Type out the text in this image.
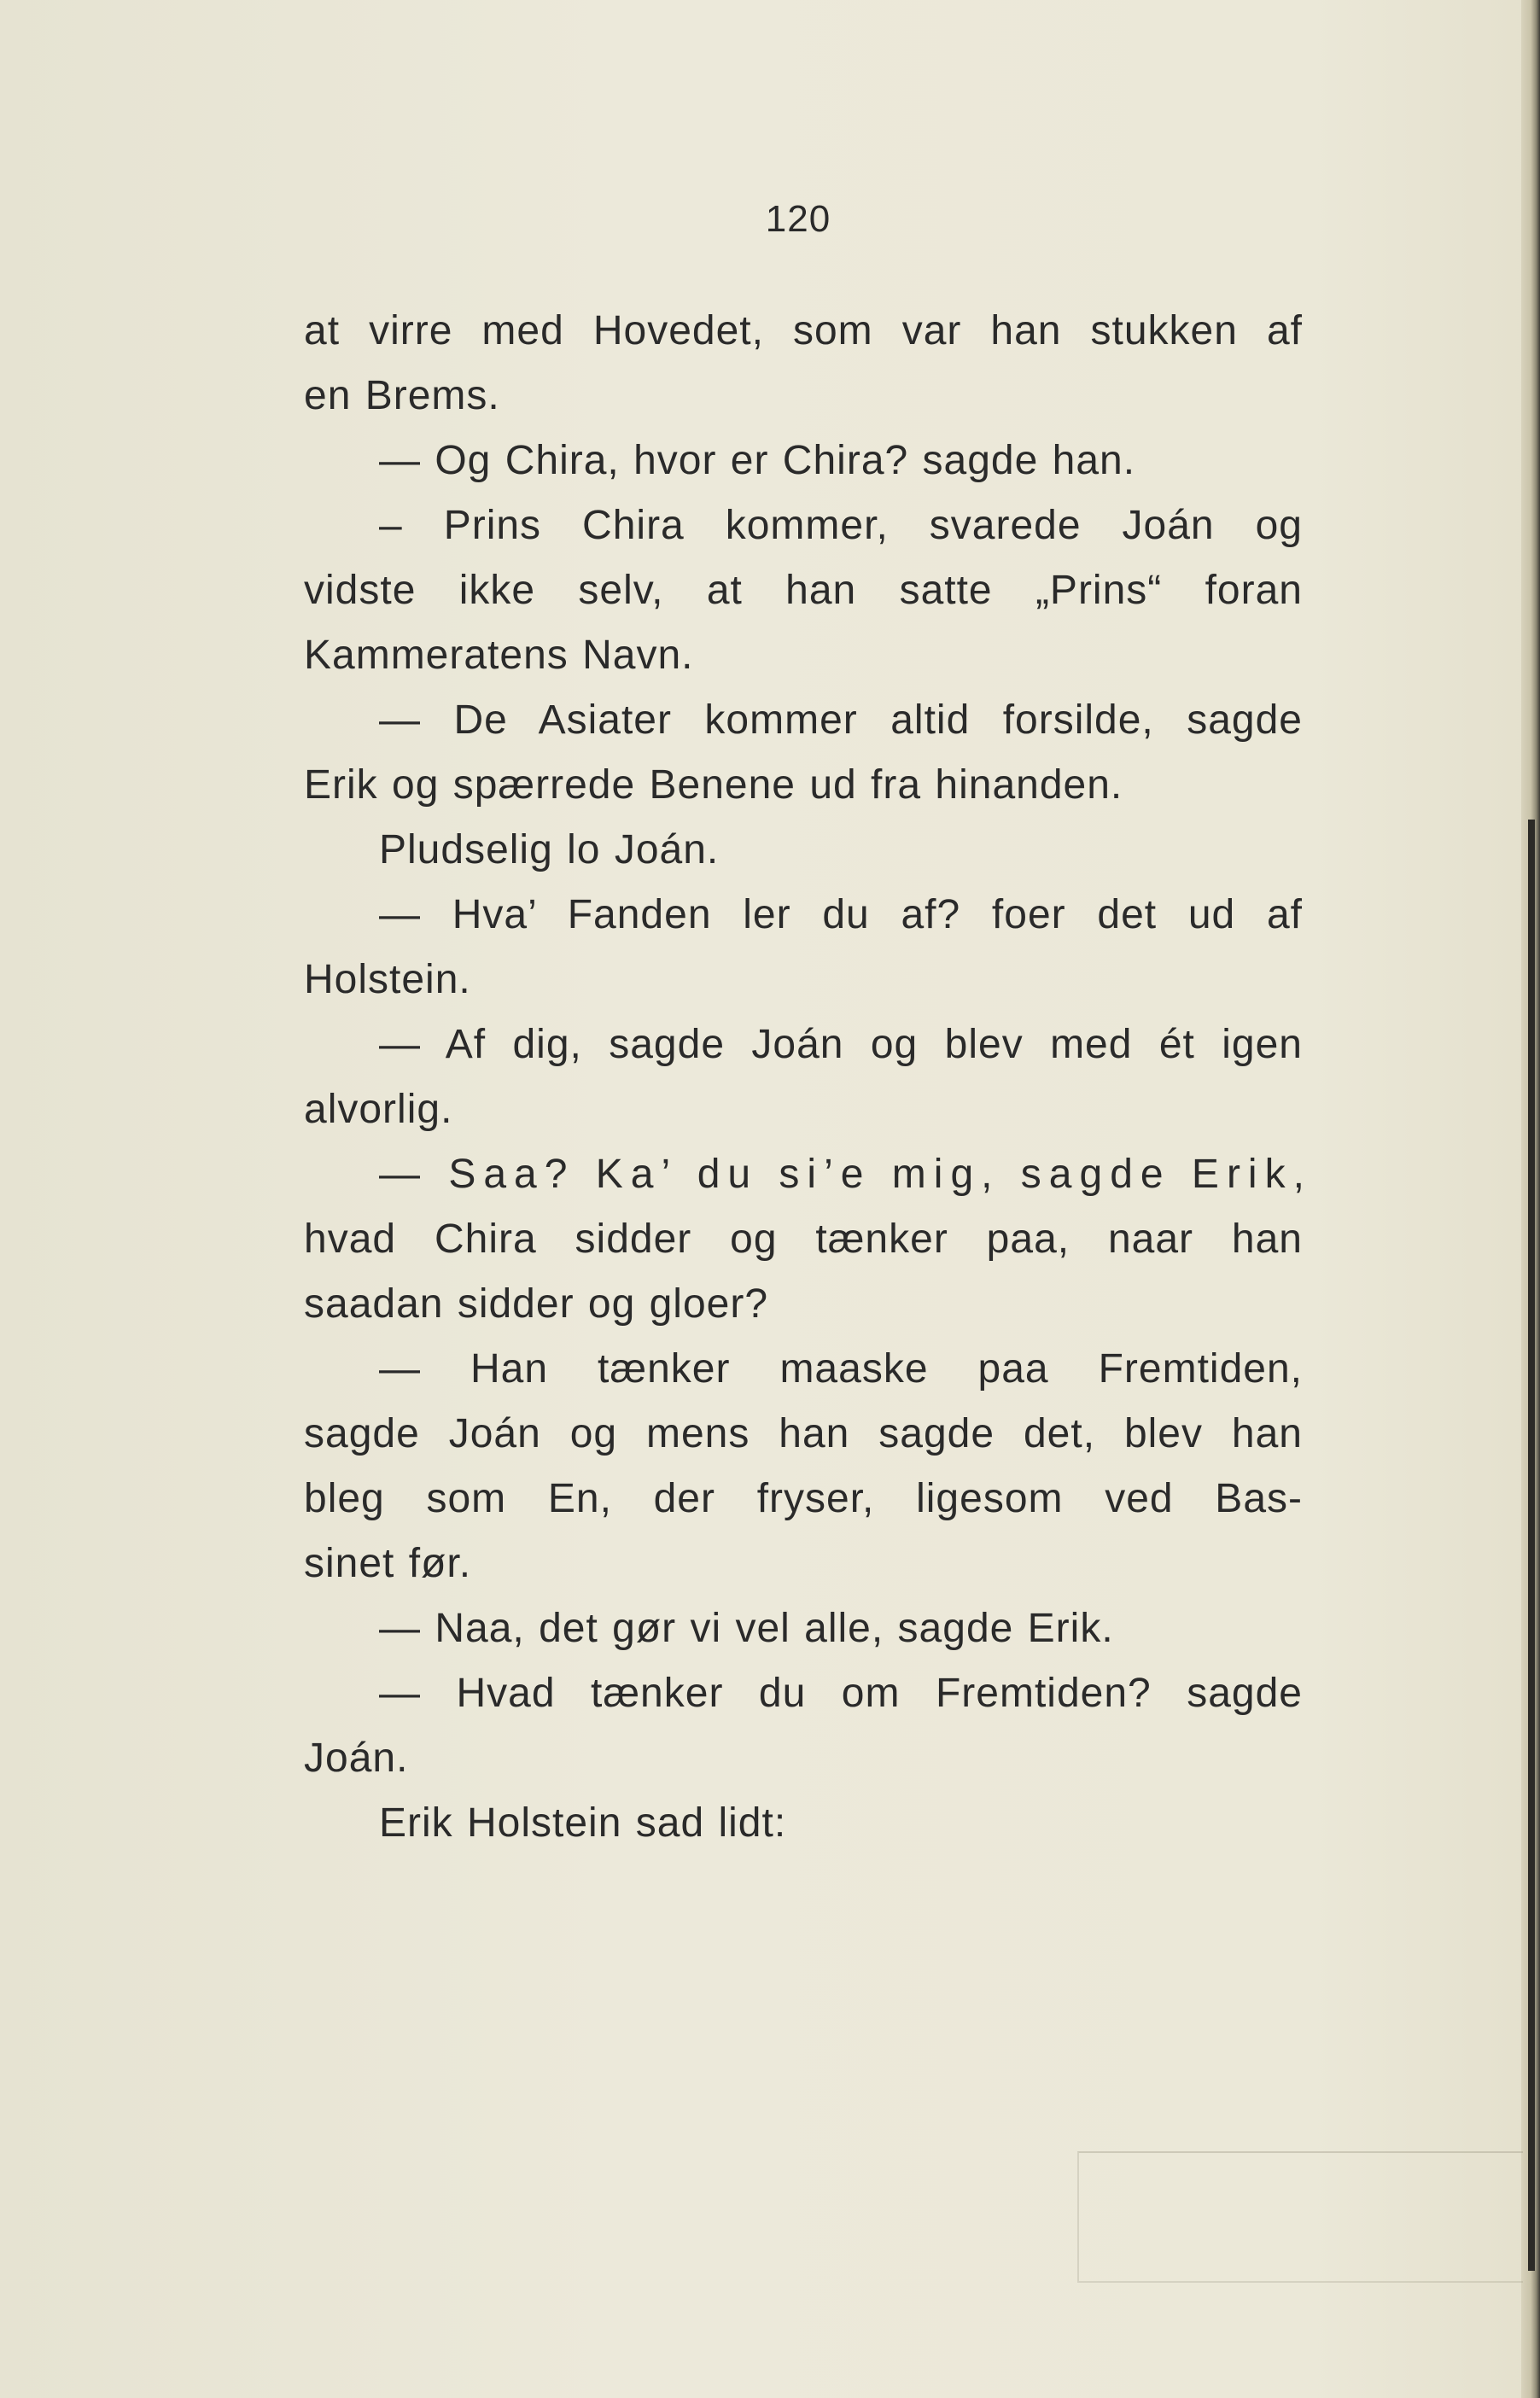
120
at virre med Hovedet, som var han stukken af
en Brems.
— Og Chira, hvor er Chira? sagde han.
– Prins Chira kommer, svarede Joán og
vidste ikke selv, at han satte „Prins“ foran
Kammeratens Navn.
— De Asiater kommer altid forsilde, sagde
Erik og spærrede Benene ud fra hinanden.
Pludselig lo Joán.
— Hva’ Fanden ler du af? foer det ud af
Holstein.
— Af dig, sagde Joán og blev med ét igen
alvorlig.
— Saa? Ka’ du si’e mig, sagde Erik,
hvad Chira sidder og tænker paa, naar han
saadan sidder og gloer?
— Han tænker maaske paa Fremtiden,
sagde Joán og mens han sagde det, blev han
bleg som En, der fryser, ligesom ved Bas-
sinet før.
— Naa, det gør vi vel alle, sagde Erik.
— Hvad tænker du om Fremtiden? sagde
Joán.
Erik Holstein sad lidt:
